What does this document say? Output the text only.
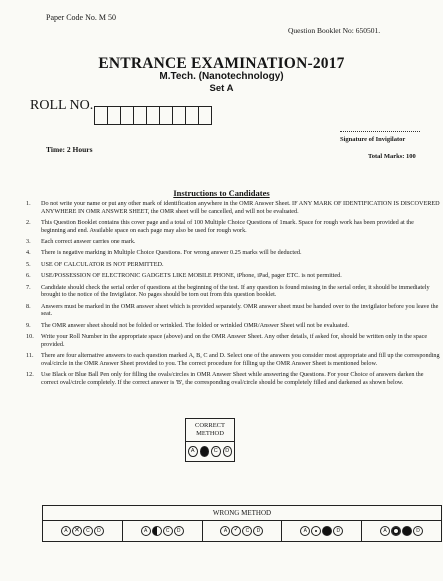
Paper Code No. M 50
Question Booklet No: 650501.
ENTRANCE EXAMINATION-2017
M.Tech. (Nanotechnology)
Set A
ROLL NO.
Time: 2 Hours
Signature of Invigilator
Total Marks: 100
Instructions to Candidates
1.	Do not write your name or put any other mark of identification anywhere in the OMR Answer Sheet. IF ANY MARK OF IDENTIFICATION IS DISCOVERED ANYWHERE IN OMR ANSWER SHEET, the OMR sheet will be cancelled, and will not be evaluated.
2.	This Question Booklet contains this cover page and a total of 100 Multiple Choice Questions of 1mark. Space for rough work has been provided at the beginning and end. Available space on each page may also be used for rough work.
3.	Each correct answer carries one mark.
4.	There is negative marking in Multiple Choice Questions. For wrong answer 0.25 marks will be deducted.
5.	USE OF CALCULATOR IS NOT PERMITTED.
6.	USE/POSSESSION OF ELECTRONIC GADGETS LIKE MOBILE PHONE, iPhone, iPad, pager ETC. is not permitted.
7.	Candidate should check the serial order of questions at the beginning of the test. If any question is found missing in the serial order, it should be immediately brought to the notice of the Invigilator. No pages should be torn out from this question booklet.
8.	Answers must be marked in the OMR answer sheet which is provided separately. OMR answer sheet must be handed over to the invigilator before you leave the seat.
9.	The OMR answer sheet should not be folded or wrinkled. The folded or wrinkled OMR/Answer Sheet will not be evaluated.
10.	Write your Roll Number in the appropriate space (above) and on the OMR Answer Sheet. Any other details, if asked for, should be written only in the space provided.
11.	There are four alternative answers to each question marked A, B, C and D. Select one of the answers you consider most appropriate and fill up the corresponding oval/circle in the OMR Answer Sheet provided to you. The correct procedure for filling up the OMR Answer Sheet is mentioned below.
12.	Use Black or Blue Ball Pen only for filling the ovals/circles in OMR Answer Sheet while answering the Questions. For your Choice of answers darken the correct oval/circle completely. If the correct answer is 'B', the corresponding oval/circle should be completely filled and darkened as shown below.
CORRECT METHOD
A	B	C	D
WRONG METHOD
A ✕	C	D	A	C	D	A ✓	C	D	A	D	A	D
